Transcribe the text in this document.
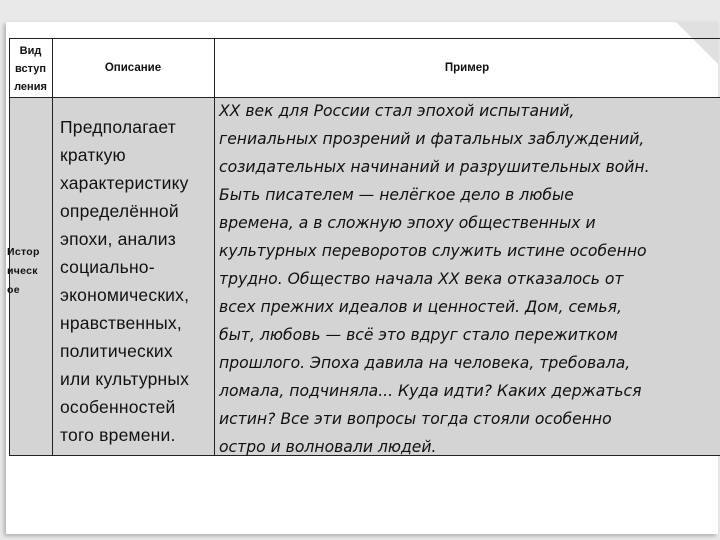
Вид
вступ
ления
Описание	Пример
Истор
ическ
ое
Предполагает
краткую
характеристику
определённой
эпохи, анализ
социально-
экономических,
нравственных,
политических
или культурных
особенностей
того времени.
XX век для России стал эпохой испытаний,
гениальных прозрений и фатальных заблуждений,
созидательных начинаний и разрушительных войн.
Быть писателем — нелёгкое дело в любые
времена, а в сложную эпоху общественных и
культурных переворотов служить истине особенно
трудно. Общество начала XX века отказалось от
всех прежних идеалов и ценностей. Дом, семья,
быт, любовь — всё это вдруг стало пережитком
прошлого. Эпоха давила на человека, требовала,
ломала, подчиняла... Куда идти? Каких держаться
истин? Все эти вопросы тогда стояли особенно
остро и волновали людей.
